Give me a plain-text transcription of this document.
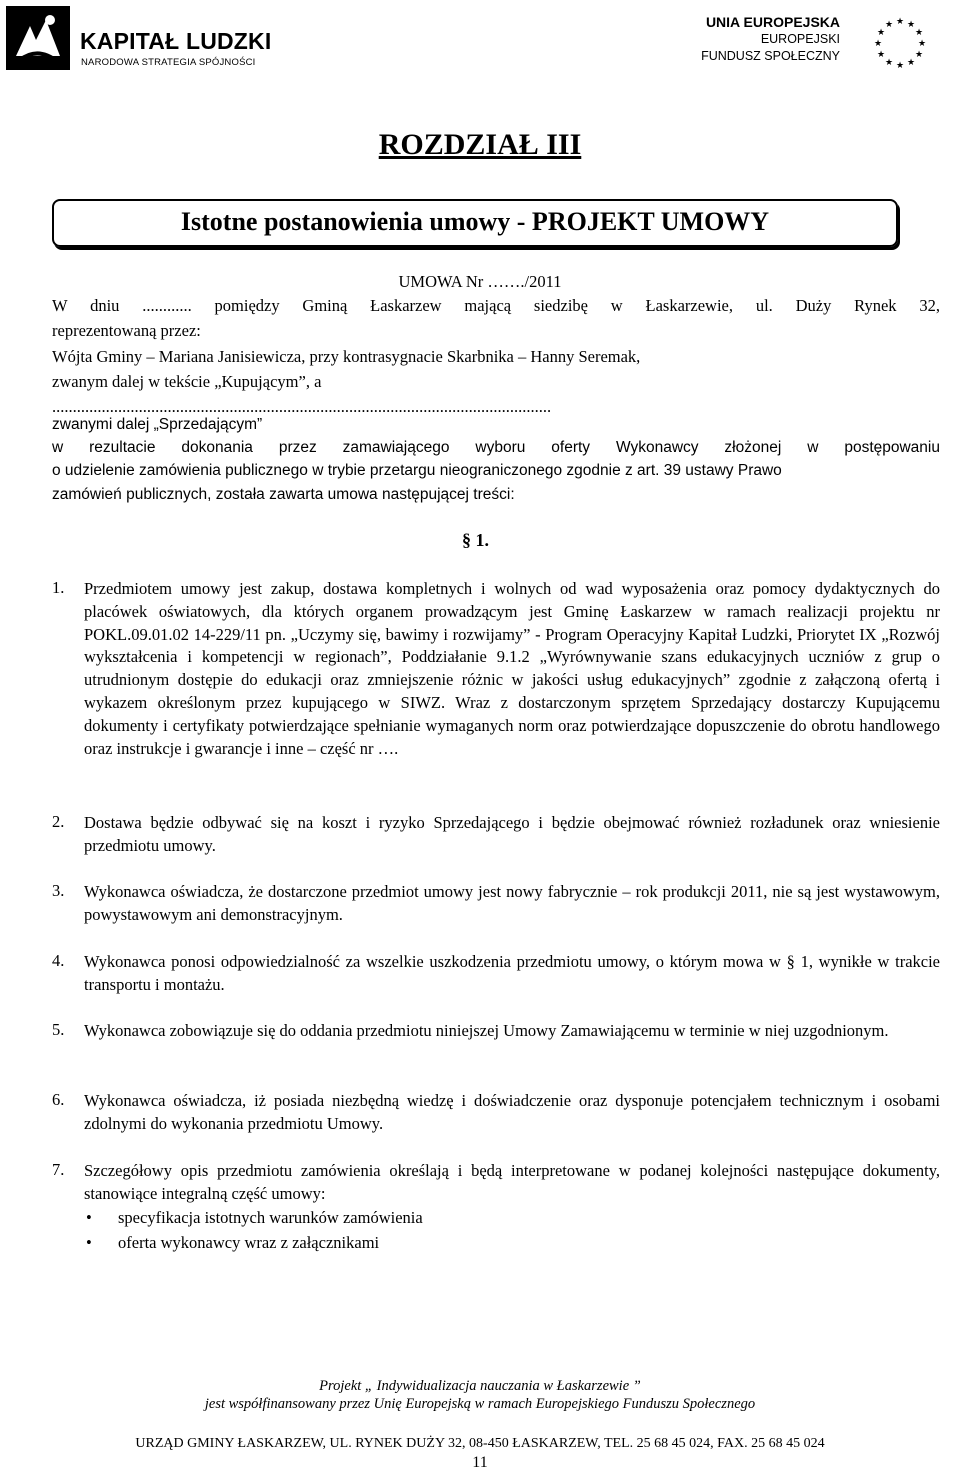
KAPITAŁ LUDZKI
NARODOWA STRATEGIA SPÓJNOŚCI
UNIA EUROPEJSKA
EUROPEJSKI
FUNDUSZ SPOŁECZNY
★ ★
★
★
★
★
★
★
★
★
★
★
ROZDZIAŁ III
Istotne postanowienia umowy - PROJEKT UMOWY
UMOWA Nr ……./2011
W dniu ............ pomiędzy Gminą Łaskarzew mającą siedzibę w Łaskarzewie, ul. Duży Rynek 32,
reprezentowaną przez:
Wójta Gminy – Mariana Janisiewicza, przy kontrasygnacie Skarbnika – Hanny Seremak,
zwanym dalej w tekście „Kupującym”, a
.........................................................................................................................
zwanymi dalej „Sprzedającym”
w rezultacie dokonania przez zamawiającego wyboru oferty Wykonawcy złożonej w postępowaniu
o udzielenie zamówienia publicznego w trybie przetargu nieograniczonego zgodnie z art. 39 ustawy Prawo
zamówień publicznych, została zawarta umowa następującej treści:
§ 1.
1. Przedmiotem umowy jest zakup, dostawa kompletnych i wolnych od wad wyposażenia oraz pomocy dydaktycznych do placówek oświatowych, dla których organem prowadzącym jest Gminę Łaskarzew w ramach realizacji projektu nr POKL.09.01.02 14-229/11 pn. „Uczymy się, bawimy i rozwijamy” - Program Operacyjny Kapitał Ludzki, Priorytet IX „Rozwój wykształcenia i kompetencji w regionach”, Poddziałanie 9.1.2 „Wyrównywanie szans edukacyjnych uczniów z grup o utrudnionym dostępie do edukacji oraz zmniejszenie różnic w jakości usług edukacyjnych” zgodnie z załączoną ofertą i wykazem określonym przez kupującego w SIWZ. Wraz z dostarczonym sprzętem Sprzedający dostarczy Kupującemu dokumenty i certyfikaty potwierdzające spełnianie wymaganych norm oraz potwierdzające dopuszczenie do obrotu handlowego oraz instrukcje i gwarancje i inne – część nr ….
2. Dostawa będzie odbywać się na koszt i ryzyko Sprzedającego i będzie obejmować również rozładunek oraz wniesienie przedmiotu umowy.
3. Wykonawca oświadcza, że dostarczone przedmiot umowy jest nowy fabrycznie – rok produkcji 2011, nie są jest wystawowym, powystawowym ani demonstracyjnym.
4. Wykonawca ponosi odpowiedzialność za wszelkie uszkodzenia przedmiotu umowy, o którym mowa w § 1, wynikłe w trakcie transportu i montażu.
5. Wykonawca zobowiązuje się do oddania przedmiotu niniejszej Umowy Zamawiającemu w terminie w niej uzgodnionym.
6. Wykonawca oświadcza, iż posiada niezbędną wiedzę i doświadczenie oraz dysponuje potencjałem technicznym i osobami zdolnymi do wykonania przedmiotu Umowy.
7. Szczegółowy opis przedmiotu zamówienia określają i będą interpretowane w podanej kolejności następujące dokumenty, stanowiące integralną część umowy:
• specyfikacja istotnych warunków zamówienia
• oferta wykonawcy wraz z załącznikami
Projekt „ Indywidualizacja nauczania w Łaskarzewie ”
jest współfinansowany przez Unię Europejską w ramach Europejskiego Funduszu Społecznego
URZĄD GMINY ŁASKARZEW, UL. RYNEK DUŻY 32, 08-450 ŁASKARZEW, TEL. 25 68 45 024, FAX. 25 68 45 024
11
